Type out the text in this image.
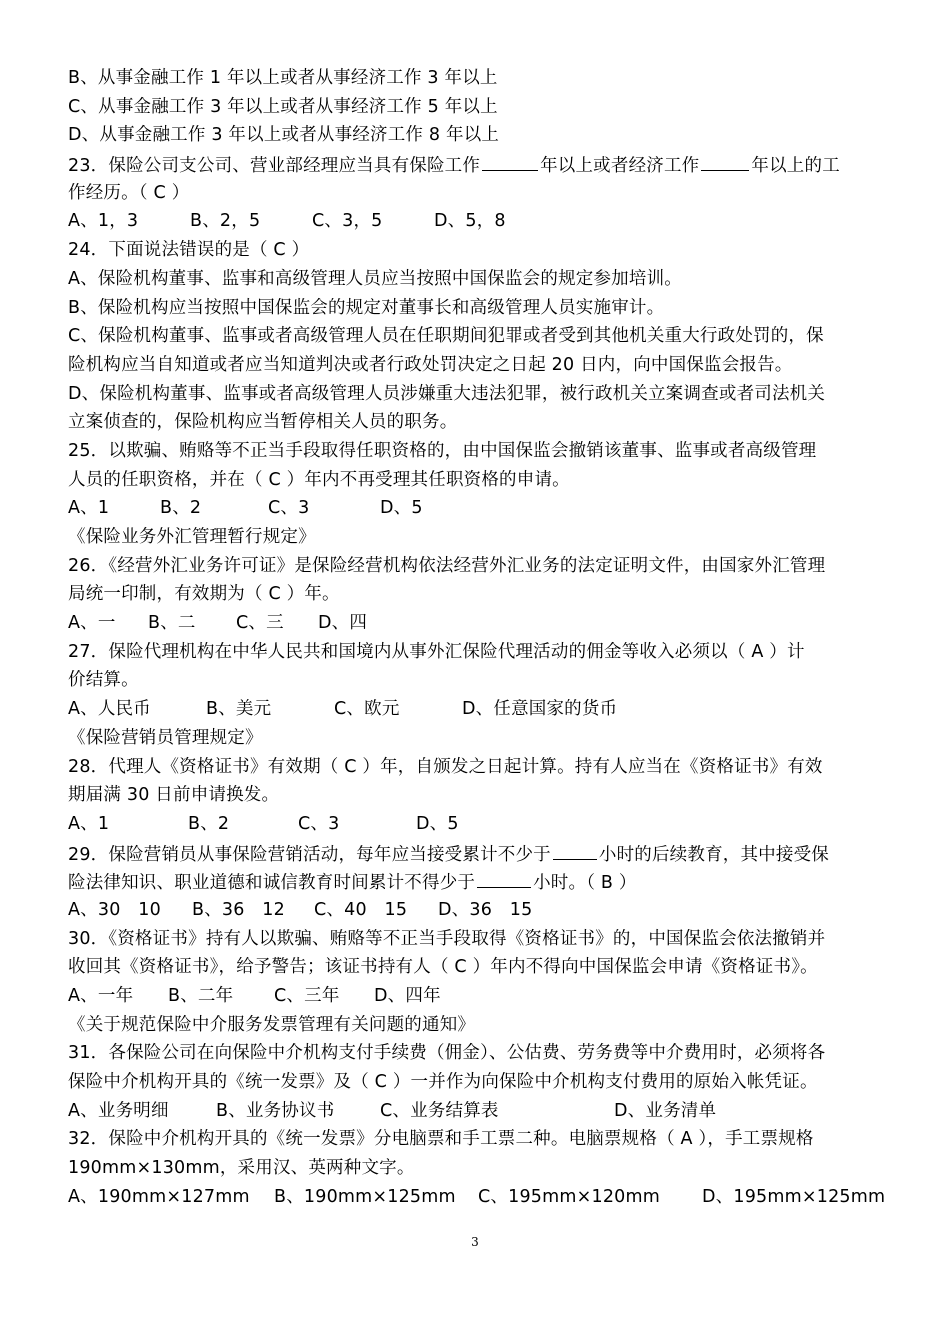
B、从事金融工作 1 年以上或者从事经济工作 3 年以上
C、从事金融工作 3 年以上或者从事经济工作 5 年以上
D、从事金融工作 3 年以上或者从事经济工作 8 年以上
23．保险公司支公司、营业部经理应当具有保险工作	年以上或者经济工作	年以上的工
作经历。（ C ）
A、1，3	B、2，5	C、3，5	D、5，8
24．下面说法错误的是（ C ）
A、保险机构董事、监事和高级管理人员应当按照中国保监会的规定参加培训。
B、保险机构应当按照中国保监会的规定对董事长和高级管理人员实施审计。
C、保险机构董事、监事或者高级管理人员在任职期间犯罪或者受到其他机关重大行政处罚的，保
险机构应当自知道或者应当知道判决或者行政处罚决定之日起 20 日内，向中国保监会报告。
D、保险机构董事、监事或者高级管理人员涉嫌重大违法犯罪，被行政机关立案调查或者司法机关
立案侦查的，保险机构应当暂停相关人员的职务。
25．以欺骗、贿赂等不正当手段取得任职资格的，由中国保监会撤销该董事、监事或者高级管理
人员的任职资格，并在（ C ）年内不再受理其任职资格的申请。
A、1	B、2	C、3	D、5
《保险业务外汇管理暂行规定》
26．《经营外汇业务许可证》是保险经营机构依法经营外汇业务的法定证明文件，由国家外汇管理
局统一印制，有效期为（ C ）年。
A、一 B、二 C、三 D、四
27．保险代理机构在中华人民共和国境内从事外汇保险代理活动的佣金等收入必须以（ A ）计
价结算。
A、人民币	B、美元	C、欧元	D、任意国家的货币
《保险营销员管理规定》
28．代理人《资格证书》有效期（ C ）年，自颁发之日起计算。持有人应当在《资格证书》有效
期届满 30 日前申请换发。
A、1	B、2	C、3	D、5
29．保险营销员从事保险营销活动，每年应当接受累计不少于	小时的后续教育，其中接受保
险法律知识、职业道德和诚信教育时间累计不得少于	小时。（ B ）
A、30　10 B、36　12 C、40　15 D、36　15
30．《资格证书》持有人以欺骗、贿赂等不正当手段取得《资格证书》的，中国保监会依法撤销并
收回其《资格证书》，给予警告；该证书持有人（ C ）年内不得向中国保监会申请《资格证书》。
A、一年 B、二年 C、三年 D、四年
《关于规范保险中介服务发票管理有关问题的通知》
31．各保险公司在向保险中介机构支付手续费（佣金）、公估费、劳务费等中介费用时，必须将各
保险中介机构开具的《统一发票》及（ C ）一并作为向保险中介机构支付费用的原始入帐凭证。
A、业务明细	B、业务协议书	C、业务结算表	D、业务清单
32．保险中介机构开具的《统一发票》分电脑票和手工票二种。电脑票规格（ A ），手工票规格
190mm×130mm，采用汉、英两种文字。
A、190mm×127mm B、190mm×125mm C、195mm×120mm D、195mm×125mm
3
